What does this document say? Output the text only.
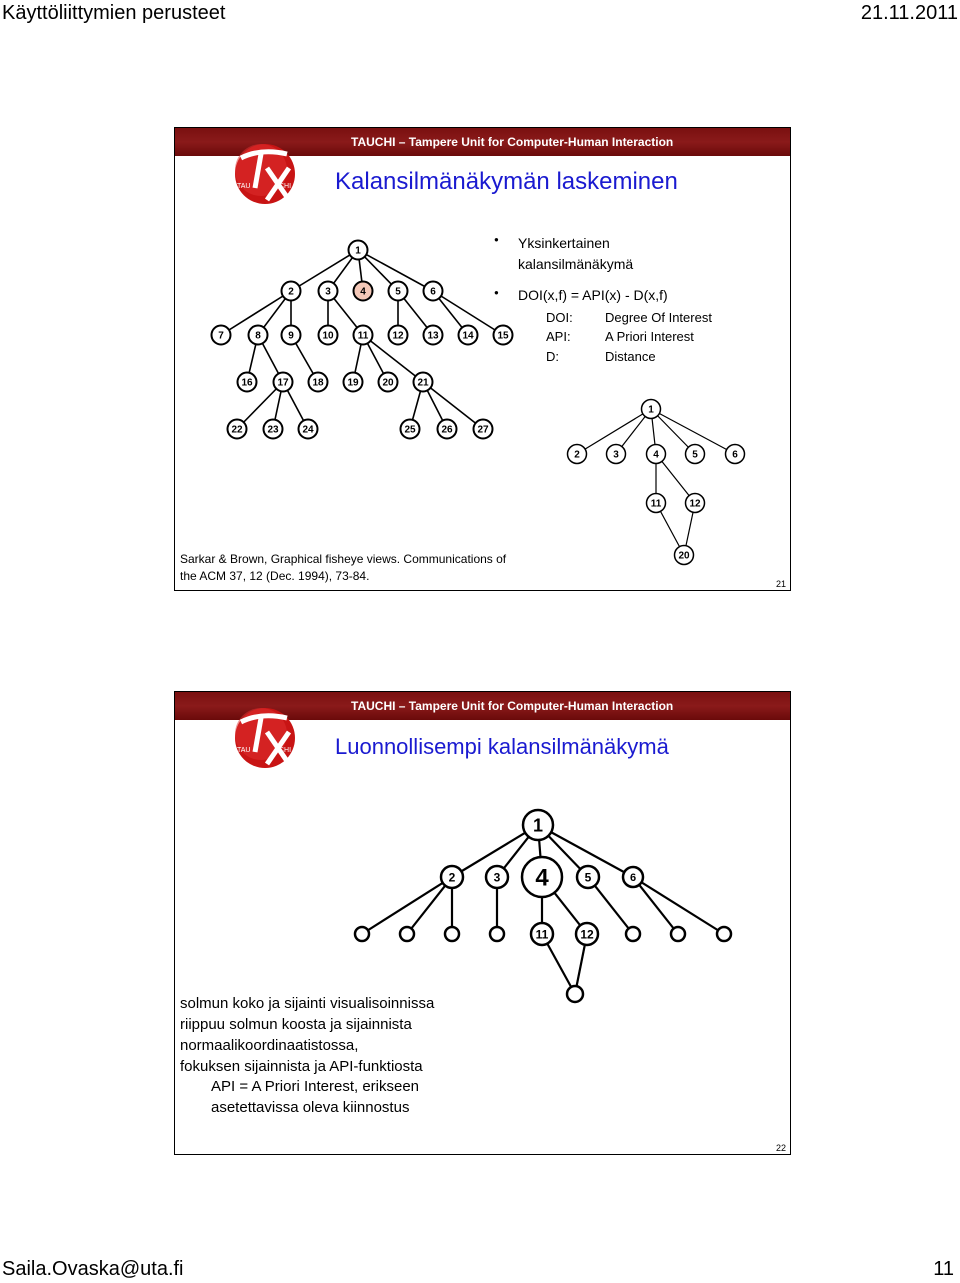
Käyttöliittymien perusteet	21.11.2011
TAUCHI – Tampere Unit for Computer-Human Interaction
TAU	CHI Kalansilmänäkymän laskeminen
● Yksinkertainen
kalansilmänäkymä
● DOI(x,f) = API(x) - D(x,f)
DOI: Degree Of Interest
API:	A Priori Interest
D:	Distance
Sarkar & Brown, Graphical fisheye views. Communications of
the ACM 37, 12 (Dec. 1994), 73-84.
21
1
2	3	4	5	6
7	8	9	10 11 12 13 14 15
16 17 18 19 20 21
22 23 24	25	26 27
1
2	3	4	5	6
11	12
20
TAUCHI – Tampere Unit for Computer-Human Interaction
TAU	CHI Luonnollisempi kalansilmänäkymä
1
2	3 4	5	6
11	12
solmun koko ja sijainti visualisoinnissa
riippuu solmun koosta ja sijainnista
normaalikoordinaatistossa,
fokuksen sijainnista ja API-funktiosta
API = A Priori Interest, erikseen
asetettavissa oleva kiinnostus
22
Saila.Ovaska@uta.fi	11
